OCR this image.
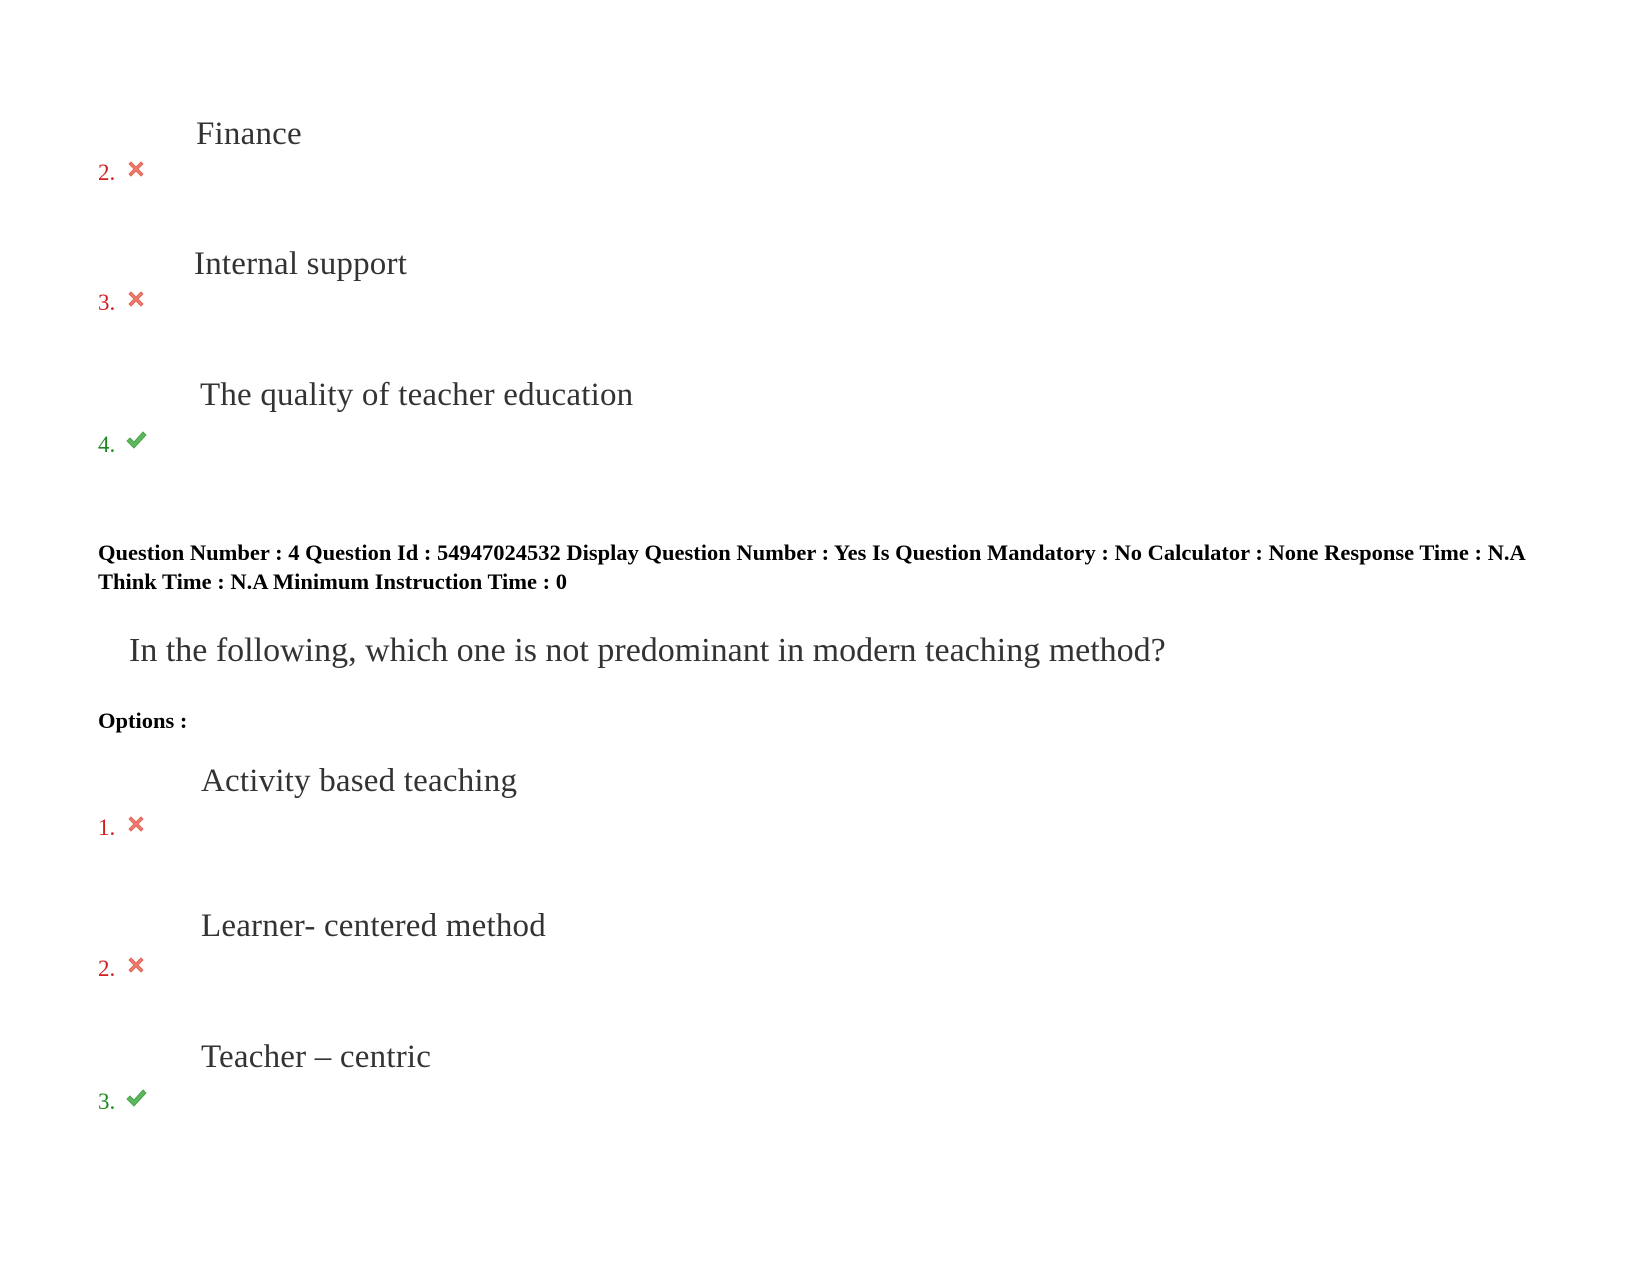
Finance
2.
Internal support
3.
The quality of teacher education
4.
Question Number : 4 Question Id : 54947024532 Display Question Number : Yes Is Question Mandatory : No Calculator : None Response Time : N.A Think Time : N.A Minimum Instruction Time : 0
In the following, which one is not predominant in modern teaching method?
Options :
Activity based teaching
1.
Learner- centered method
2.
Teacher – centric
3.
